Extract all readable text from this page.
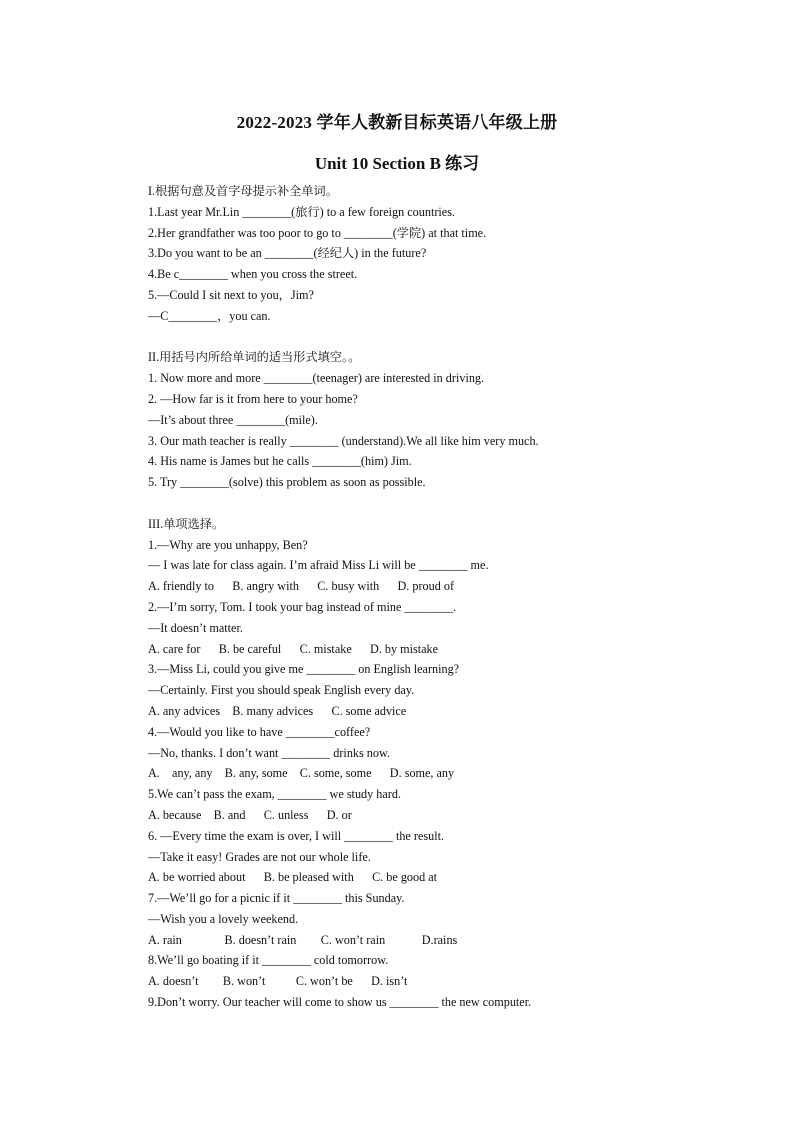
2022-2023 学年人教新目标英语八年级上册
Unit 10 Section B 练习
I.根据句意及首字母提示补全单词。
1.Last year Mr.Lin ________(旅行) to a few foreign countries.
2.Her grandfather was too poor to go to ________(学院) at that time.
3.Do you want to be an ________(经纪人) in the future?
4.Be c________ when you cross the street.
5.—Could I sit next to you，Jim?
—C________，you can.
II.用括号内所给单词的适当形式填空。。
1. Now more and more ________(teenager) are interested in driving.
2. —How far is it from here to your home?
—It’s about three ________(mile).
3. Our math teacher is really ________ (understand).We all like him very much.
4. His name is James but he calls ________(him) Jim.
5. Try ________(solve) this problem as soon as possible.
III.单项选择。
1.—Why are you unhappy, Ben?
— I was late for class again. I’m afraid Miss Li will be ________ me.
A. friendly to      B. angry with      C. busy with      D. proud of
2.—I’m sorry, Tom. I took your bag instead of mine ________.
—It doesn’t matter.
A. care for      B. be careful      C. mistake      D. by mistake
3.—Miss Li, could you give me ________ on English learning?
—Certainly. First you should speak English every day.
A. any advices    B. many advices      C. some advice
4.—Would you like to have ________coffee?
—No, thanks. I don’t want ________ drinks now.
A.    any, any    B. any, some    C. some, some      D. some, any
5.We can’t pass the exam, ________ we study hard.
A. because    B. and      C. unless      D. or
6. —Every time the exam is over, I will ________ the result.
—Take it easy! Grades are not our whole life.
A. be worried about      B. be pleased with      C. be good at
7.—We’ll go for a picnic if it ________ this Sunday.
—Wish you a lovely weekend.
A. rain              B. doesn’t rain        C. won’t rain            D.rains
8.We’ll go boating if it ________ cold tomorrow.
A. doesn’t        B. won’t          C. won’t be      D. isn’t
9.Don’t worry. Our teacher will come to show us ________ the new computer.
